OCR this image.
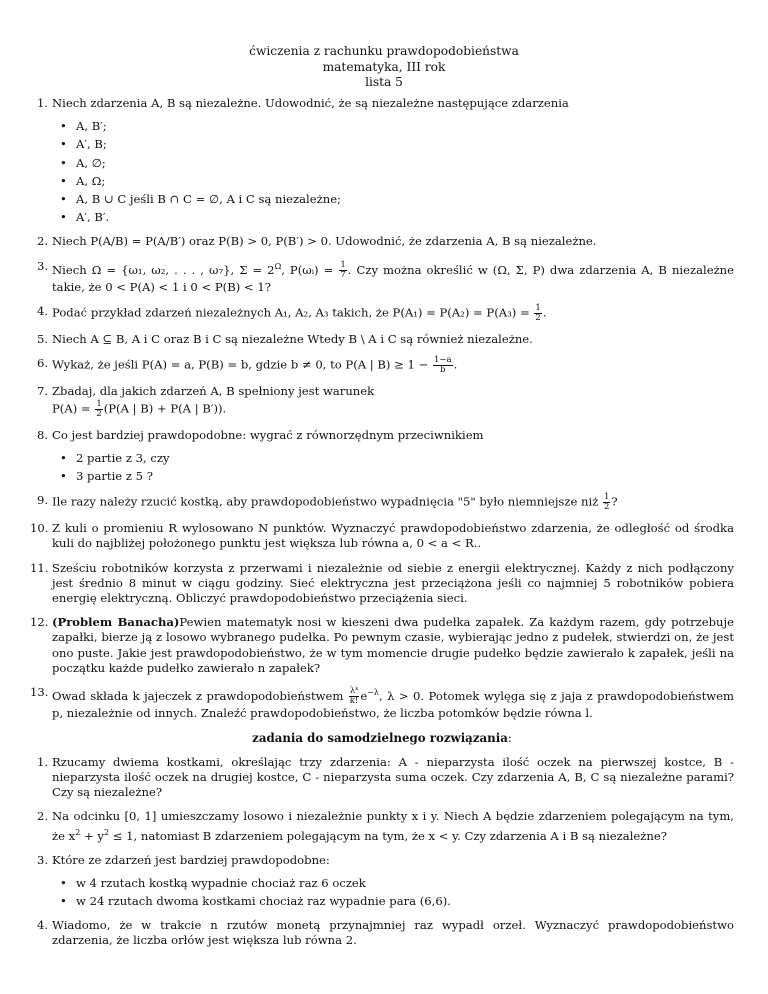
ćwiczenia z rachunku prawdopodobieństwa
matematyka, III rok
lista 5
1. Niech zdarzenia A, B są niezależne. Udowodnić, że są niezależne następujące zdarzenia
• A, B′;
• A′, B;
• A, ∅;
• A, Ω;
• A, B ∪ C jeśli B ∩ C = ∅, A i C są niezależne;
• A′, B′.
2. Niech P(A/B) = P(A/B′) oraz P(B) > 0, P(B′) > 0. Udowodnić, że zdarzenia A, B są niezależne.
3. Niech Ω = {ω₁, ω₂, . . . , ω₇}, $\Sigma = 2^\Omega$, P(ωᵢ) = $\frac{1}{7}$ . Czy można określić w (Ω, Σ, P) dwa zdarzenia A, B niezależne takie, że 0 < P(A) < 1 i 0 < P(B) < 1?
4. Podać przykład zdarzeń niezależnych A₁, A₂, A₃ takich, że $P(A_1) = P(A_2) = P(A_3) = \frac{1}{2}$ .
5. Niech A ⊆ B, A i C oraz B i C są niezależne Wtedy B \ A i C są również niezależne.
6. Wykaż, że jeśli P(A) = a, P(B) = b, gdzie b ≠ 0, to P(A | $B) \ge 1 - \frac{1-a}{b}$ .
7. Zbadaj, dla jakich zdarzeń A, B spełniony jest warunek
$P(A) = \frac{1}{2} (P(A$ | B) + P(A | B′)).
8. Co jest bardziej prawdopodobne: wygrać z równorzędnym przeciwnikiem
• 2 partie z 3, czy
• 3 partie z 5 ?
9. Ile razy należy rzucić kostką, aby prawdopodobieństwo wypadnięcia "5" było niemniejsze niż $\frac{1}{2}$ ?
10. Z kuli o promieniu R wylosowano N punktów. Wyznaczyć prawdopodobieństwo zdarzenia, że odległość od środka kuli do najbliżej położonego punktu jest większa lub równa a, 0 < a < R..
11. Sześciu robotników korzysta z przerwami i niezależnie od siebie z energii elektrycznej. Każdy z nich podłączony jest średnio 8 minut w ciągu godziny. Sieć elektryczna jest przeciążona jeśli co najmniej 5 robotników pobiera energię elektryczną. Obliczyć prawdopodobieństwo przeciążenia sieci.
12. (Problem Banacha)Pewien matematyk nosi w kieszeni dwa pudełka zapałek. Za każdym razem, gdy potrzebuje zapałki, bierze ją z losowo wybranego pudełka. Po pewnym czasie, wybierając jedno z pudełek, stwierdzi on, że jest ono puste. Jakie jest prawdopodobieństwo, że w tym momencie drugie pudełko będzie zawierało k zapałek, jeśli na początku każde pudełko zawierało n zapałek?
13. Owad składa k jajeczek z prawdopodobieństwem $\frac{\text{λᵏ}}{k!} e^{-\lambda}$, λ > 0. Potomek wylęga się z jaja z prawdopodobieństwem p, niezależnie od innych. Znaleźć prawdopodobieństwo, że liczba potomków będzie równa l.
zadania do samodzielnego rozwiązania:
1. Rzucamy dwiema kostkami, określając trzy zdarzenia: A - nieparzysta ilość oczek na pierwszej kostce, B - nieparzysta ilość oczek na drugiej kostce, C - nieparzysta suma oczek. Czy zdarzenia A, B, C są niezależne parami? Czy są niezależne?
2. Na odcinku [0, 1] umieszczamy losowo i niezależnie punkty x i y. Niech A będzie zdarzeniem polegającym na tym, że $x^2 + y^2 \le 1$, natomiast B zdarzeniem polegającym na tym, że x < y. Czy zdarzenia A i B są niezależne?
3. Które ze zdarzeń jest bardziej prawdopodobne:
• w 4 rzutach kostką wypadnie chociaż raz 6 oczek
• w 24 rzutach dwoma kostkami chociaż raz wypadnie para (6,6).
4. Wiadomo, że w trakcie n rzutów monetą przynajmniej raz wypadł orzeł. Wyznaczyć prawdopodobieństwo zdarzenia, że liczba orłów jest większa lub równa 2.
